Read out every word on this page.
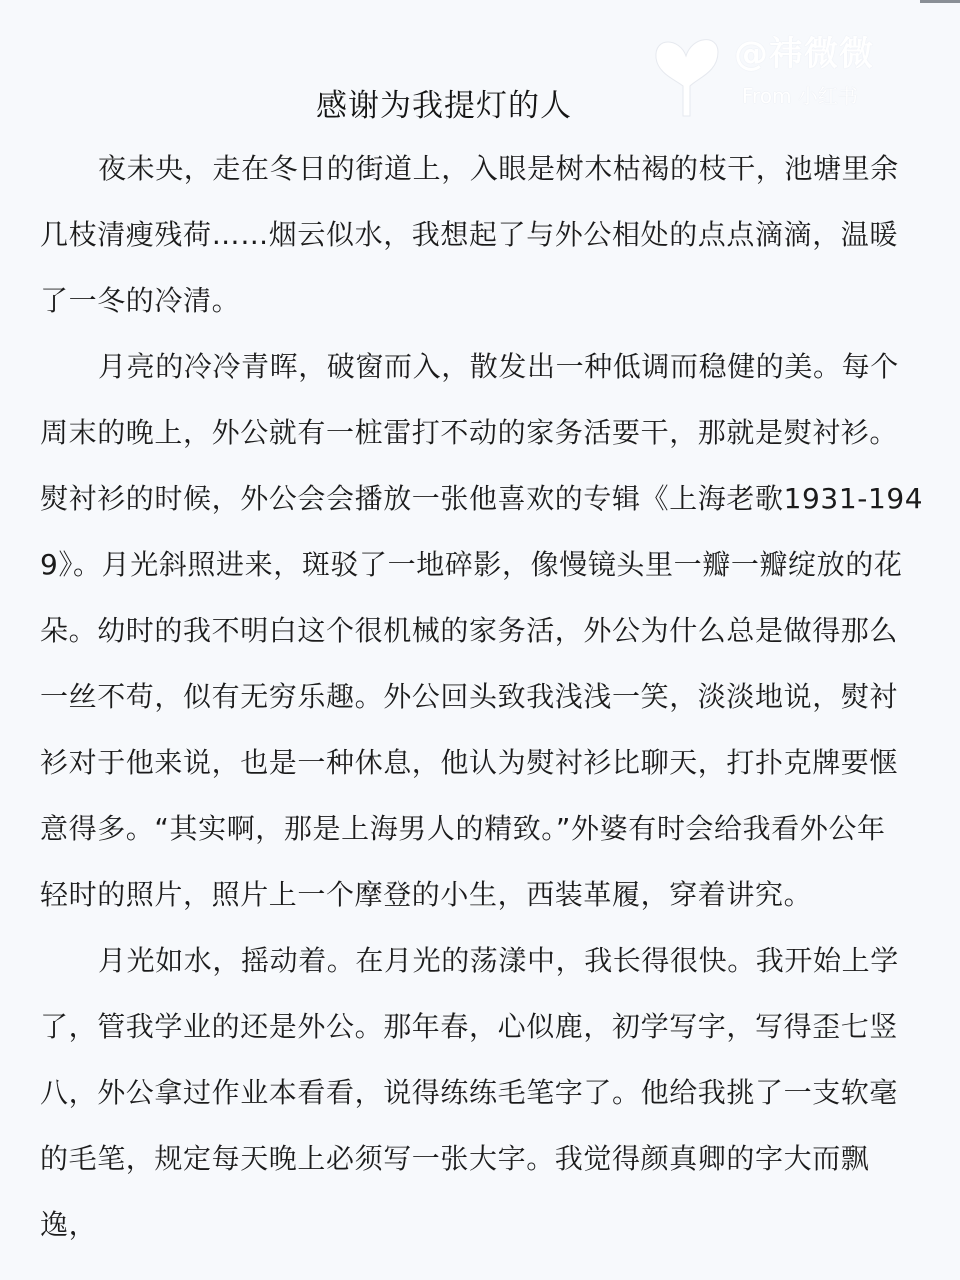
@祎微微
From 小红书
感谢为我提灯的人
夜未央，走在冬日的街道上，入眼是树木枯褐的枝干，池塘里余
几枝清瘦残荷……烟云似水，我想起了与外公相处的点点滴滴，温暖
了一冬的冷清。
月亮的冷冷青晖，破窗而入，散发出一种低调而稳健的美。每个
周末的晚上，外公就有一桩雷打不动的家务活要干，那就是熨衬衫。
熨衬衫的时候，外公会会播放一张他喜欢的专辑《上海老歌1931-194
9》。月光斜照进来，斑驳了一地碎影，像慢镜头里一瓣一瓣绽放的花
朵。幼时的我不明白这个很机械的家务活，外公为什么总是做得那么
一丝不苟，似有无穷乐趣。外公回头致我浅浅一笑，淡淡地说，熨衬
衫对于他来说，也是一种休息，他认为熨衬衫比聊天，打扑克牌要惬
意得多。“其实啊，那是上海男人的精致。”外婆有时会给我看外公年
轻时的照片，照片上一个摩登的小生，西装革履，穿着讲究。
月光如水，摇动着。在月光的荡漾中，我长得很快。我开始上学
了，管我学业的还是外公。那年春，心似鹿，初学写字，写得歪七竖
八，外公拿过作业本看看，说得练练毛笔字了。他给我挑了一支软毫
的毛笔，规定每天晚上必须写一张大字。我觉得颜真卿的字大而飘
逸，
